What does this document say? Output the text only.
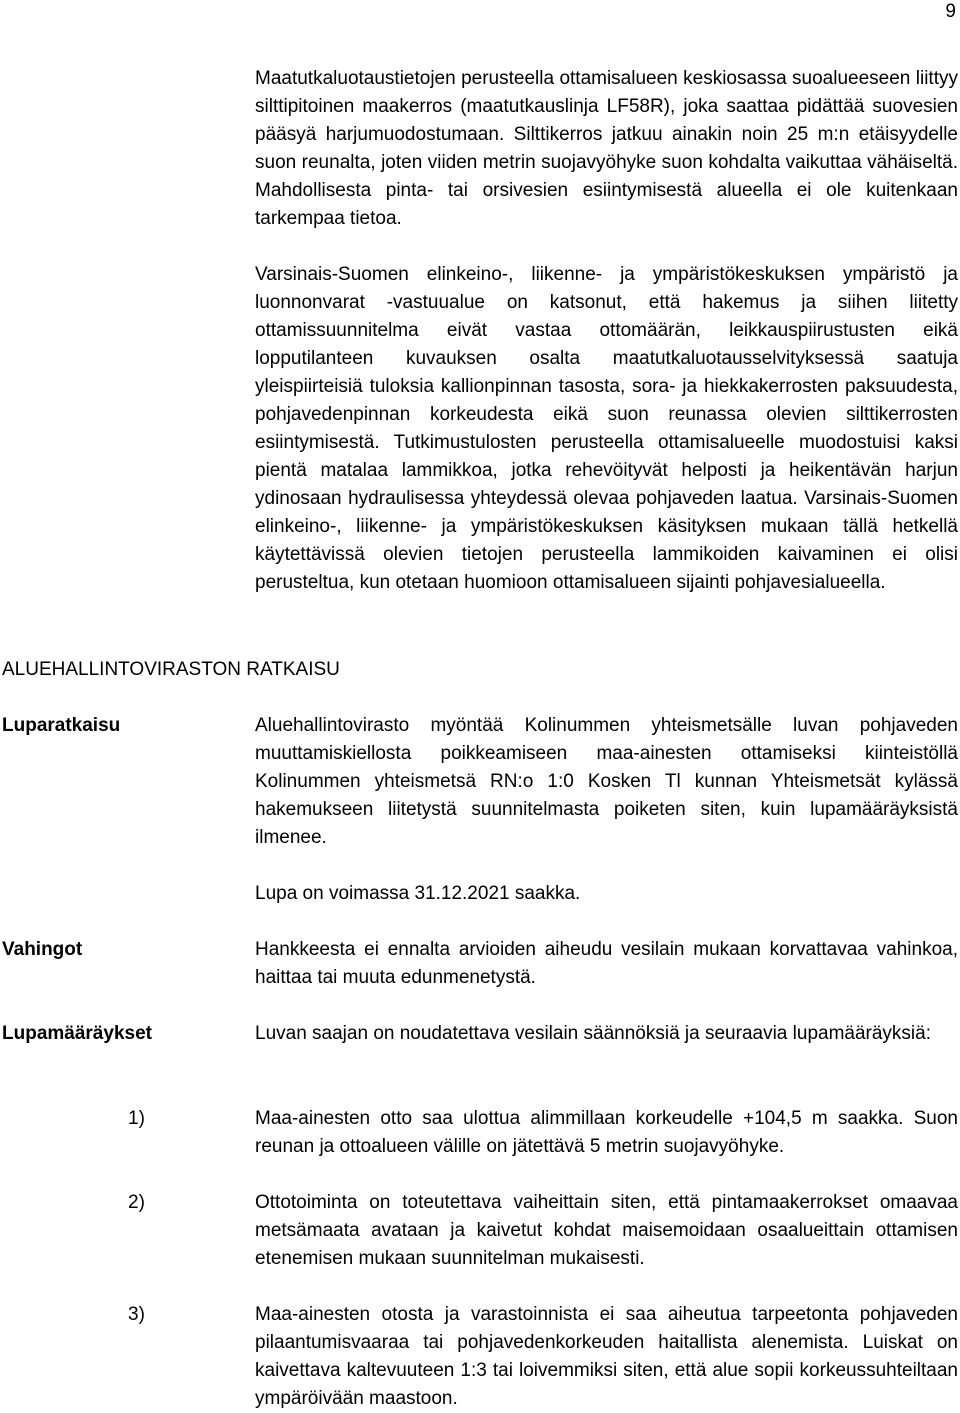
9

Maatutkaluotaustietojen perusteella ottamisalueen keskiosassa suoalueeseen liittyy silttipitoinen maakerros (maatutkauslinja LF58R), joka saattaa pidättää suovesien pääsyä harjumuodostumaan. Silttikerros jatkuu ainakin noin 25 m:n etäisyydelle suon reunalta, joten viiden metrin suojavyöhyke suon kohdalta vaikuttaa vähäiseltä. Mahdollisesta pinta- tai orsivesien esiintymisestä alueella ei ole kuitenkaan tarkempaa tietoa.

Varsinais-Suomen elinkeino-, liikenne- ja ympäristökeskuksen ympäristö ja luonnonvarat -vastuualue on katsonut, että hakemus ja siihen liitetty ottamissuunnitelma eivät vastaa ottomäärän, leikkauspiirustusten eikä lopputilanteen kuvauksen osalta maatutkaluotausselvityksessä saatuja yleispiirteisiä tuloksia kallionpinnan tasosta, sora- ja hiekkakerrosten paksuudesta, pohjavedenpinnan korkeudesta eikä suon reunassa olevien silttikerrosten esiintymisestä. Tutkimustulosten perusteella ottamisalueelle muodostuisi kaksi pientä matalaa lammikkoa, jotka rehevöityvät helposti ja heikentävän harjun ydinosaan hydraulisessa yhteydessä olevaa pohjaveden laatua. Varsinais-Suomen elinkeino-, liikenne- ja ympäristökeskuksen käsityksen mukaan tällä hetkellä käytettävissä olevien tietojen perusteella lammikoiden kaivaminen ei olisi perusteltua, kun otetaan huomioon ottamisalueen sijainti pohjavesialueella.

ALUEHALLINTOVIRASTON RATKAISU
Luparatkaisu	Aluehallintovirasto myöntää Kolinummen yhteismetsälle luvan pohjaveden muuttamiskiellosta poikkeamiseen maa-ainesten ottamiseksi kiinteistöllä Kolinummen yhteismetsä RN:o 1:0 Kosken Tl kunnan Yhteismetsät kylässä hakemukseen liitetystä suunnitelmasta poiketen siten, kuin lupamääräyksistä ilmenee.

Lupa on voimassa 31.12.2021 saakka.

Vahingot	Hankkeesta ei ennalta arvioiden aiheudu vesilain mukaan korvattavaa vahinkoa, haittaa tai muuta edunmenetystä.

Lupamääräykset	Luvan saajan on noudatettava vesilain säännöksiä ja seuraavia lupamääräyksiä:

1)	Maa-ainesten otto saa ulottua alimmillaan korkeudelle +104,5 m saakka. Suon reunan ja ottoalueen välille on jätettävä 5 metrin suojavyöhyke.

2)	Ottotoiminta on toteutettava vaiheittain siten, että pintamaakerrokset omaavaa metsämaata avataan ja kaivetut kohdat maisemoidaan osaalueittain ottamisen etenemisen mukaan suunnitelman mukaisesti.

3)	Maa-ainesten otosta ja varastoinnista ei saa aiheutua tarpeetonta pohjaveden pilaantumisvaaraa tai pohjavedenkorkeuden haitallista alenemista. Luiskat on kaivettava kaltevuuteen 1:3 tai loivemmiksi siten, että alue sopii korkeussuhteiltaan ympäröivään maastoon.
